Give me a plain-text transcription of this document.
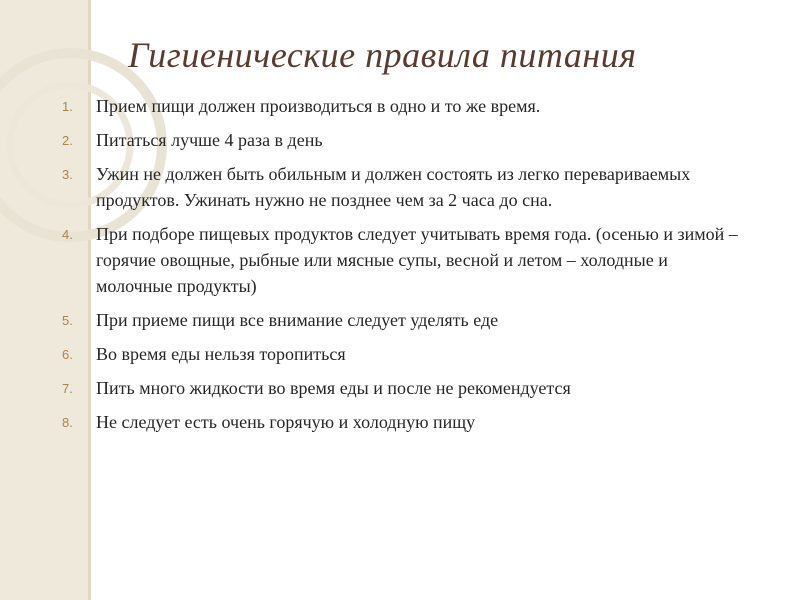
Гигиенические правила питания
1. Прием пищи должен производиться в одно и то же время.
2. Питаться лучше 4 раза в день
3. Ужин не должен быть обильным и должен состоять из легко перевариваемых продуктов. Ужинать нужно не позднее чем за 2 часа до сна.
4. При подборе пищевых продуктов следует учитывать время года. (осенью и зимой – горячие овощные, рыбные или мясные супы, весной и летом – холодные и молочные продукты)
5. При приеме пищи все внимание следует уделять еде
6. Во время еды нельзя торопиться
7. Пить много жидкости во время еды и после не рекомендуется
8. Не следует есть очень горячую и холодную пищу
